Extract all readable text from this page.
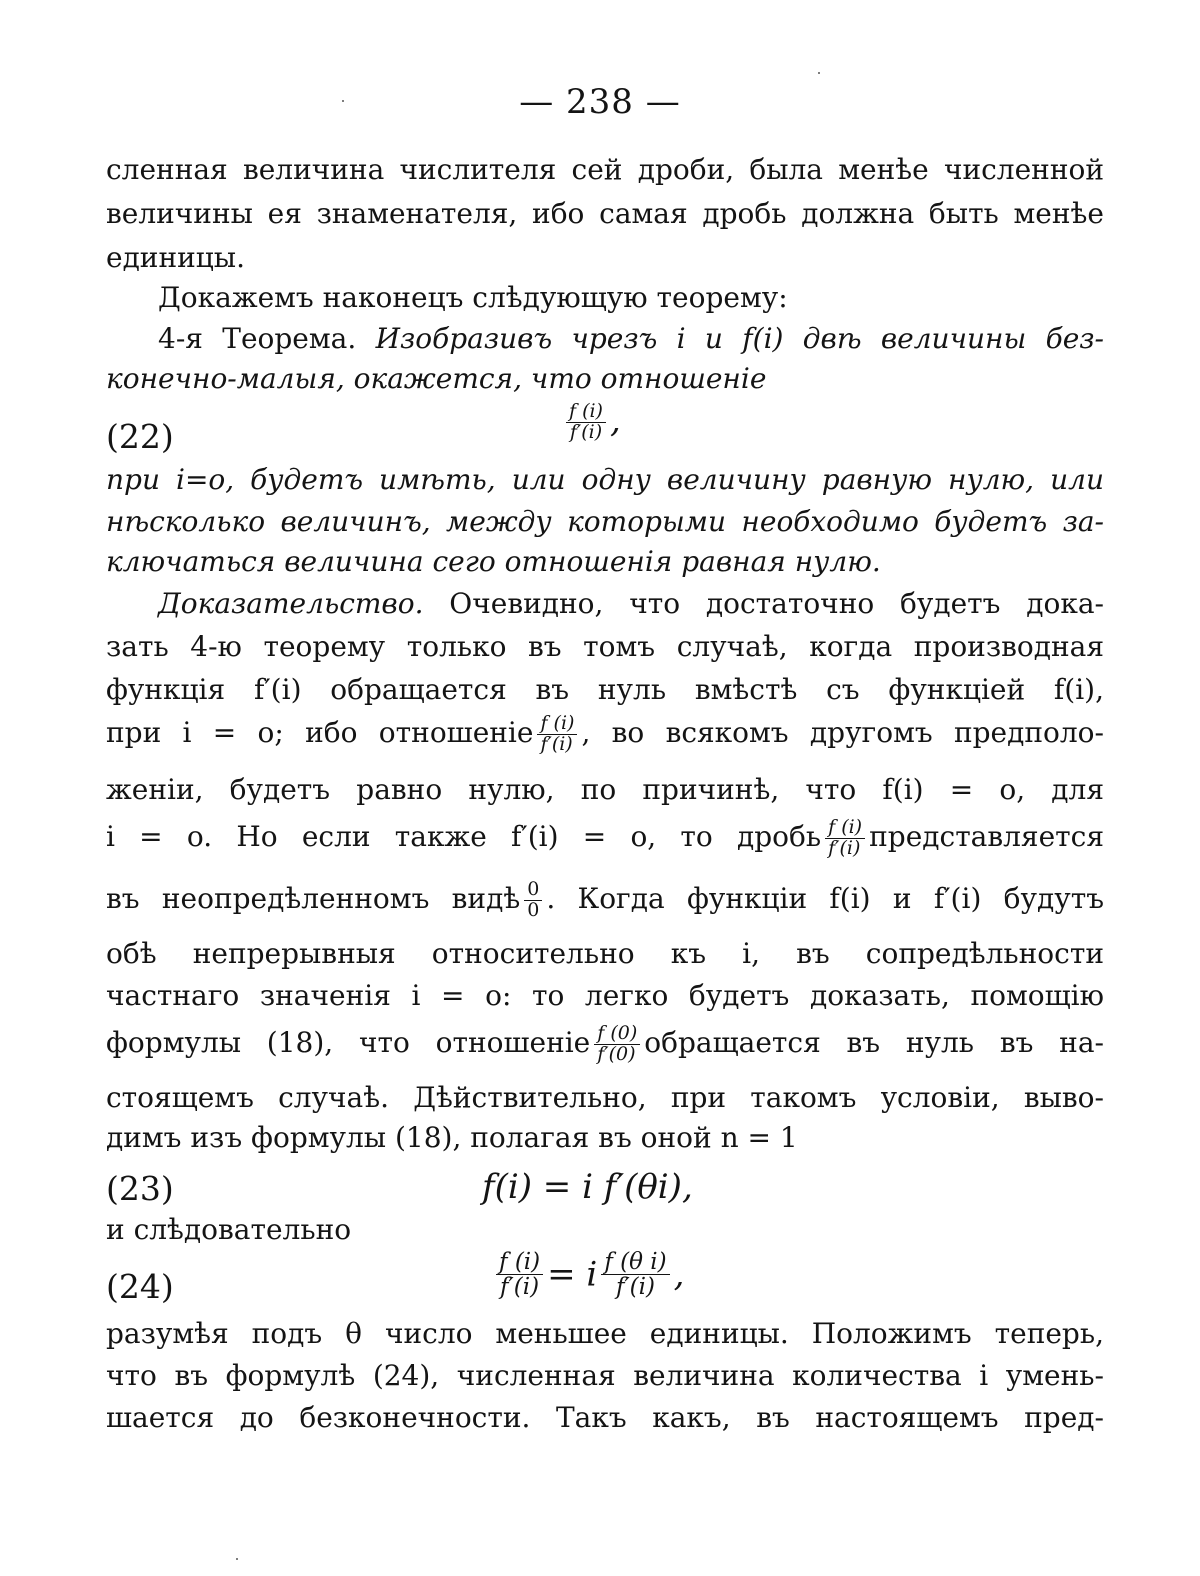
— 238 —
сленная величина числителя сей дроби, была менѣе численной
величины ея знаменателя, ибо самая дробь должна быть менѣе
единицы.
Докажемъ наконецъ слѣдующую теорему:
4-я Теорема. Изобразивъ чрезъ i и f(i) двѣ величины без-
конечно-малыя, окажется, что отношеніе
(22)
f (i)
f′(i) ,
при i=o, будетъ имѣть, или одну величину равную нулю, или
нѣсколько величинъ, между которыми необходимо будетъ за-
ключаться величина сего отношенія равная нулю.
Доказательство. Очевидно, что достаточно будетъ дока-
зать 4-ю теорему только въ томъ случаѣ, когда производная
функція f′(i) обращается въ нуль вмѣстѣ съ функціей f(i),
при i = o; ибо отношеніе f (i)
f′(i) , во всякомъ другомъ предполо-
женіи, будетъ равно нулю, по причинѣ, что f(i) = o, для
i = o. Но если также f′(i) = o, то дробь f (i)
f′(i) представляется
въ неопредѣленномъ видѣ 0
0 . Когда функціи f(i) и f′(i) будутъ
обѣ непрерывныя относительно къ i, въ сопредѣльности
частнаго значенія i = o: то легко будетъ доказать, помощію
формулы (18), что отношеніе f (0)
f′(0) обращается въ нуль въ на-
стоящемъ случаѣ. Дѣйствительно, при такомъ условіи, выво-
димъ изъ формулы (18), полагая въ оной n = 1
(23)	f(i) = i f′(θi),
и слѣдовательно
(24)
f (i)
f′(i) = i f (θ i)
f′(i) ,
разумѣя подъ θ число меньшее единицы. Положимъ теперь,
что въ формулѣ (24), численная величина количества i умень-
шается до безконечности. Такъ какъ, въ настоящемъ пред-
